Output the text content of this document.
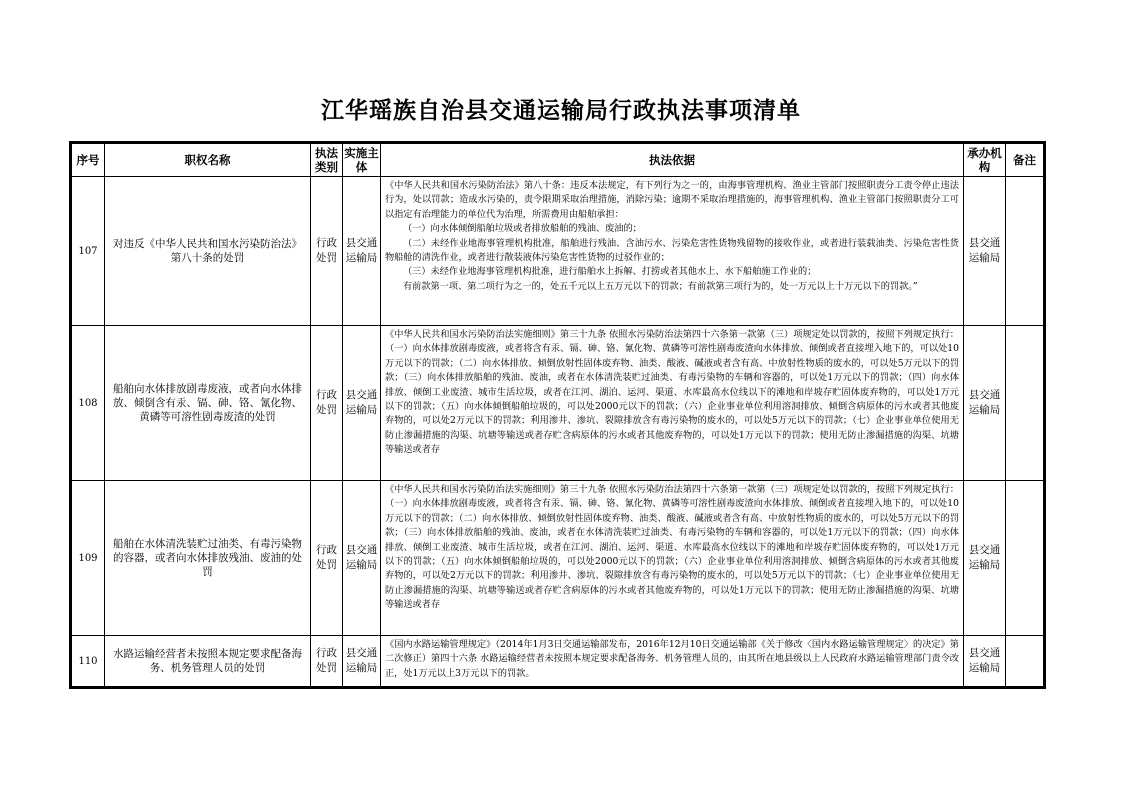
江华瑶族自治县交通运输局行政执法事项清单
序号	职权名称	执法类别	实施主体	执法依据	承办机构	备注
107	对违反《中华人民共和国水污染防治法》第八十条的处罚	行政处罚	县交通运输局	《中华人民共和国水污染防治法》第八十条：违反本法规定，有下列行为之一的，由海事管理机构、渔业主管部门按照职责分工责令停止违法行为，处以罚款；造成水污染的，责令限期采取治理措施，消除污染；逾期不采取治理措施的，海事管理机构、渔业主管部门按照职责分工可以指定有治理能力的单位代为治理，所需费用由船舶承担：

（一）向水体倾倒船舶垃圾或者排放船舶的残油、废油的；

（二）未经作业地海事管理机构批准，船舶进行残油、含油污水、污染危害性货物残留物的接收作业，或者进行装载油类、污染危害性货物船舱的清洗作业，或者进行散装液体污染危害性货物的过驳作业的；

（三）未经作业地海事管理机构批准，进行船舶水上拆解、打捞或者其他水上、水下船舶施工作业的；

有前款第一项、第二项行为之一的，处五千元以上五万元以下的罚款；有前款第三项行为的，处一万元以上十万元以下的罚款。”	县交通运输局	
108	船舶向水体排放剧毒废液，或者向水体排放、倾倒含有汞、镉、砷、铬、氰化物、黄磷等可溶性剧毒废渣的处罚	行政处罚	县交通运输局	《中华人民共和国水污染防治法实施细则》第三十九条 依照水污染防治法第四十六条第一款第（三）项规定处以罚款的，按照下列规定执行：（一）向水体排放剧毒废液，或者将含有汞、镉、砷、铬、氰化物、黄磷等可溶性剧毒废渣向水体排放、倾倒或者直接埋入地下的，可以处10万元以下的罚款；（二）向水体排放、倾倒放射性固体废弃物、油类、酸液、碱液或者含有高、中放射性物质的废水的，可以处5万元以下的罚款；（三）向水体排放船舶的残油、废油，或者在水体清洗装贮过油类、有毒污染物的车辆和容器的，可以处1万元以下的罚款；（四）向水体排放、倾倒工业废渣、城市生活垃圾，或者在江河、湖泊、运河、渠道、水库最高水位线以下的滩地和岸坡存贮固体废弃物的，可以处1万元以下的罚款；（五）向水体倾倒船舶垃圾的，可以处2000元以下的罚款；（六）企业事业单位利用溶洞排放、倾倒含病原体的污水或者其他废弃物的，可以处2万元以下的罚款；利用渗井、渗坑、裂隙排放含有毒污染物的废水的，可以处5万元以下的罚款；（七）企业事业单位使用无防止渗漏措施的沟渠、坑塘等输送或者存贮含病原体的污水或者其他废弃物的，可以处1万元以下的罚款；使用无防止渗漏措施的沟渠、坑塘等输送或者存	县交通运输局	
109	船舶在水体清洗装贮过油类、有毒污染物的容器，或者向水体排放残油、废油的处罚	行政处罚	县交通运输局	《中华人民共和国水污染防治法实施细则》第三十九条 依照水污染防治法第四十六条第一款第（三）项规定处以罚款的，按照下列规定执行：（一）向水体排放剧毒废液，或者将含有汞、镉、砷、铬、氰化物、黄磷等可溶性剧毒废渣向水体排放、倾倒或者直接埋入地下的，可以处10万元以下的罚款；（二）向水体排放、倾倒放射性固体废弃物、油类、酸液、碱液或者含有高、中放射性物质的废水的，可以处5万元以下的罚款；（三）向水体排放船舶的残油、废油，或者在水体清洗装贮过油类、有毒污染物的车辆和容器的，可以处1万元以下的罚款；（四）向水体排放、倾倒工业废渣、城市生活垃圾，或者在江河、湖泊、运河、渠道、水库最高水位线以下的滩地和岸坡存贮固体废弃物的，可以处1万元以下的罚款；（五）向水体倾倒船舶垃圾的，可以处2000元以下的罚款；（六）企业事业单位利用溶洞排放、倾倒含病原体的污水或者其他废弃物的，可以处2万元以下的罚款；利用渗井、渗坑、裂隙排放含有毒污染物的废水的，可以处5万元以下的罚款；（七）企业事业单位使用无防止渗漏措施的沟渠、坑塘等输送或者存贮含病原体的污水或者其他废弃物的，可以处1万元以下的罚款；使用无防止渗漏措施的沟渠、坑塘等输送或者存	县交通运输局	
110	水路运输经营者未按照本规定要求配备海务、机务管理人员的处罚	行政处罚	县交通运输局	《国内水路运输管理规定》（2014年1月3日交通运输部发布，2016年12月10日交通运输部《关于修改〈国内水路运输管理规定〉的决定》第二次修正）第四十六条 水路运输经营者未按照本规定要求配备海务、机务管理人员的，由其所在地县级以上人民政府水路运输管理部门责令改正，处1万元以上3万元以下的罚款。	县交通运输局	
